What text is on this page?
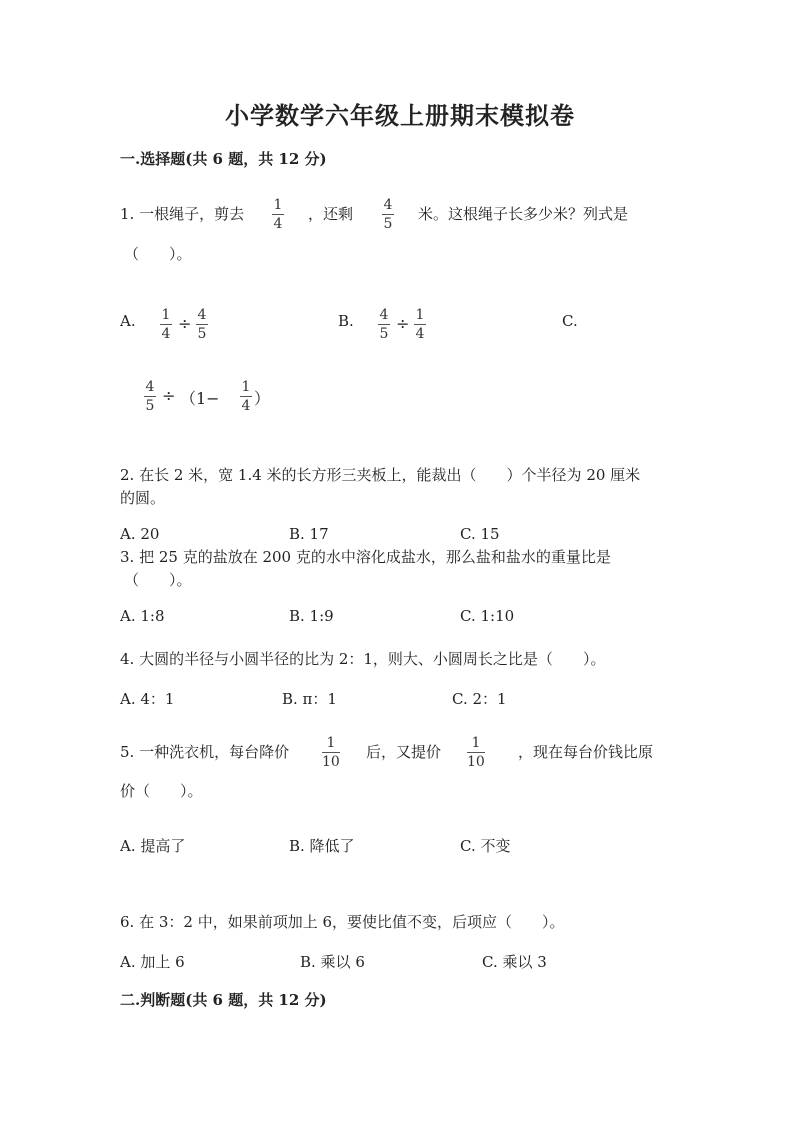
小学数学六年级上册期末模拟卷
一.选择题(共 6 题，共 12 分)
1. 一根绳子，剪去 1
4
，还剩 4
5
米。这根绳子长多少米？列式是
（　　）。
A. 1
4
÷ 4
5
B. 4
5
÷ 1
4
C.
4
5
÷ （1−
1
4 ）
2. 在长 2 米，宽 1.4 米的长方形三夹板上，能裁出（　　）个半径为 20 厘米
的圆。
A. 20	B. 17	C. 15
3. 把 25 克的盐放在 200 克的水中溶化成盐水，那么盐和盐水的重量比是
（　　）。
A. 1:8	B. 1:9	C. 1:10
4. 大圆的半径与小圆半径的比为 2：1，则大、小圆周长之比是（　　）。
A. 4：1	B. π：1	C. 2：1
5. 一种洗衣机，每台降价	1
10
后，又提价 1
10
，现在每台价钱比原
价（　　）。
A. 提高了	B. 降低了	C. 不变
6. 在 3：2 中，如果前项加上 6，要使比值不变，后项应（　　）。
A. 加上 6	B. 乘以 6	C. 乘以 3
二.判断题(共 6 题，共 12 分)
